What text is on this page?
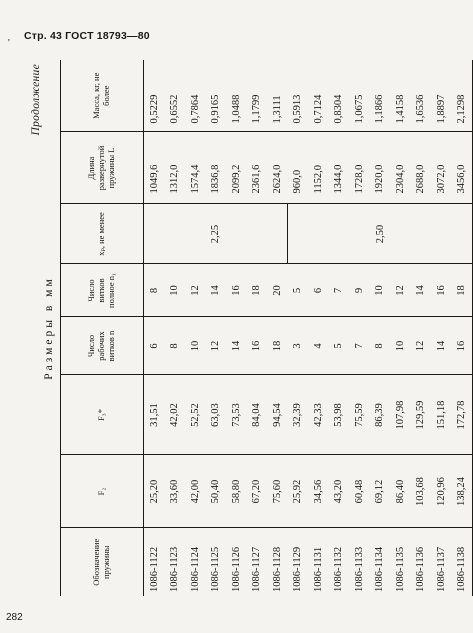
Стр. 43 ГОСТ 18793—80
'
282
Продолжение
Размеры в мм
Обозначение пружины	F₂	F₃*	Число рабочих витков n	Число витков полное n₁	xₚ, не менее	Длина развернутой пружины L	Масса, кг, не более
1086-1122	25,20	31,51	6	8	2,25	1049,6	0,5229
1086-1123	33,60	42,02	8	10		1312,0	0,6552
1086-1124	42,00	52,52	10	12		1574,4	0,7864
1086-1125	50,40	63,03	12	14		1836,8	0,9165
1086-1126	58,80	73,53	14	16		2099,2	1,0488
1086-1127	67,20	84,04	16	18		2361,6	1,1799
1086-1128	75,60	94,54	18	20		2624,0	1,3111
1086-1129	25,92	32,39	3	5	2,50	960,0	0,5913
1086-1131	34,56	42,33	4	6		1152,0	0,7124
1086-1132	43,20	53,98	5	7		1344,0	0,8304
1086-1133	60,48	75,59	7	9		1728,0	1,0675
1086-1134	69,12	86,39	8	10		1920,0	1,1866
1086-1135	86,40	107,98	10	12		2304,0	1,4158
1086-1136	103,68	129,59	12	14		2688,0	1,6536
1086-1137	120,96	151,18	14	16		3072,0	1,8897
1086-1138	138,24	172,78	16	18		3456,0	2,1298
